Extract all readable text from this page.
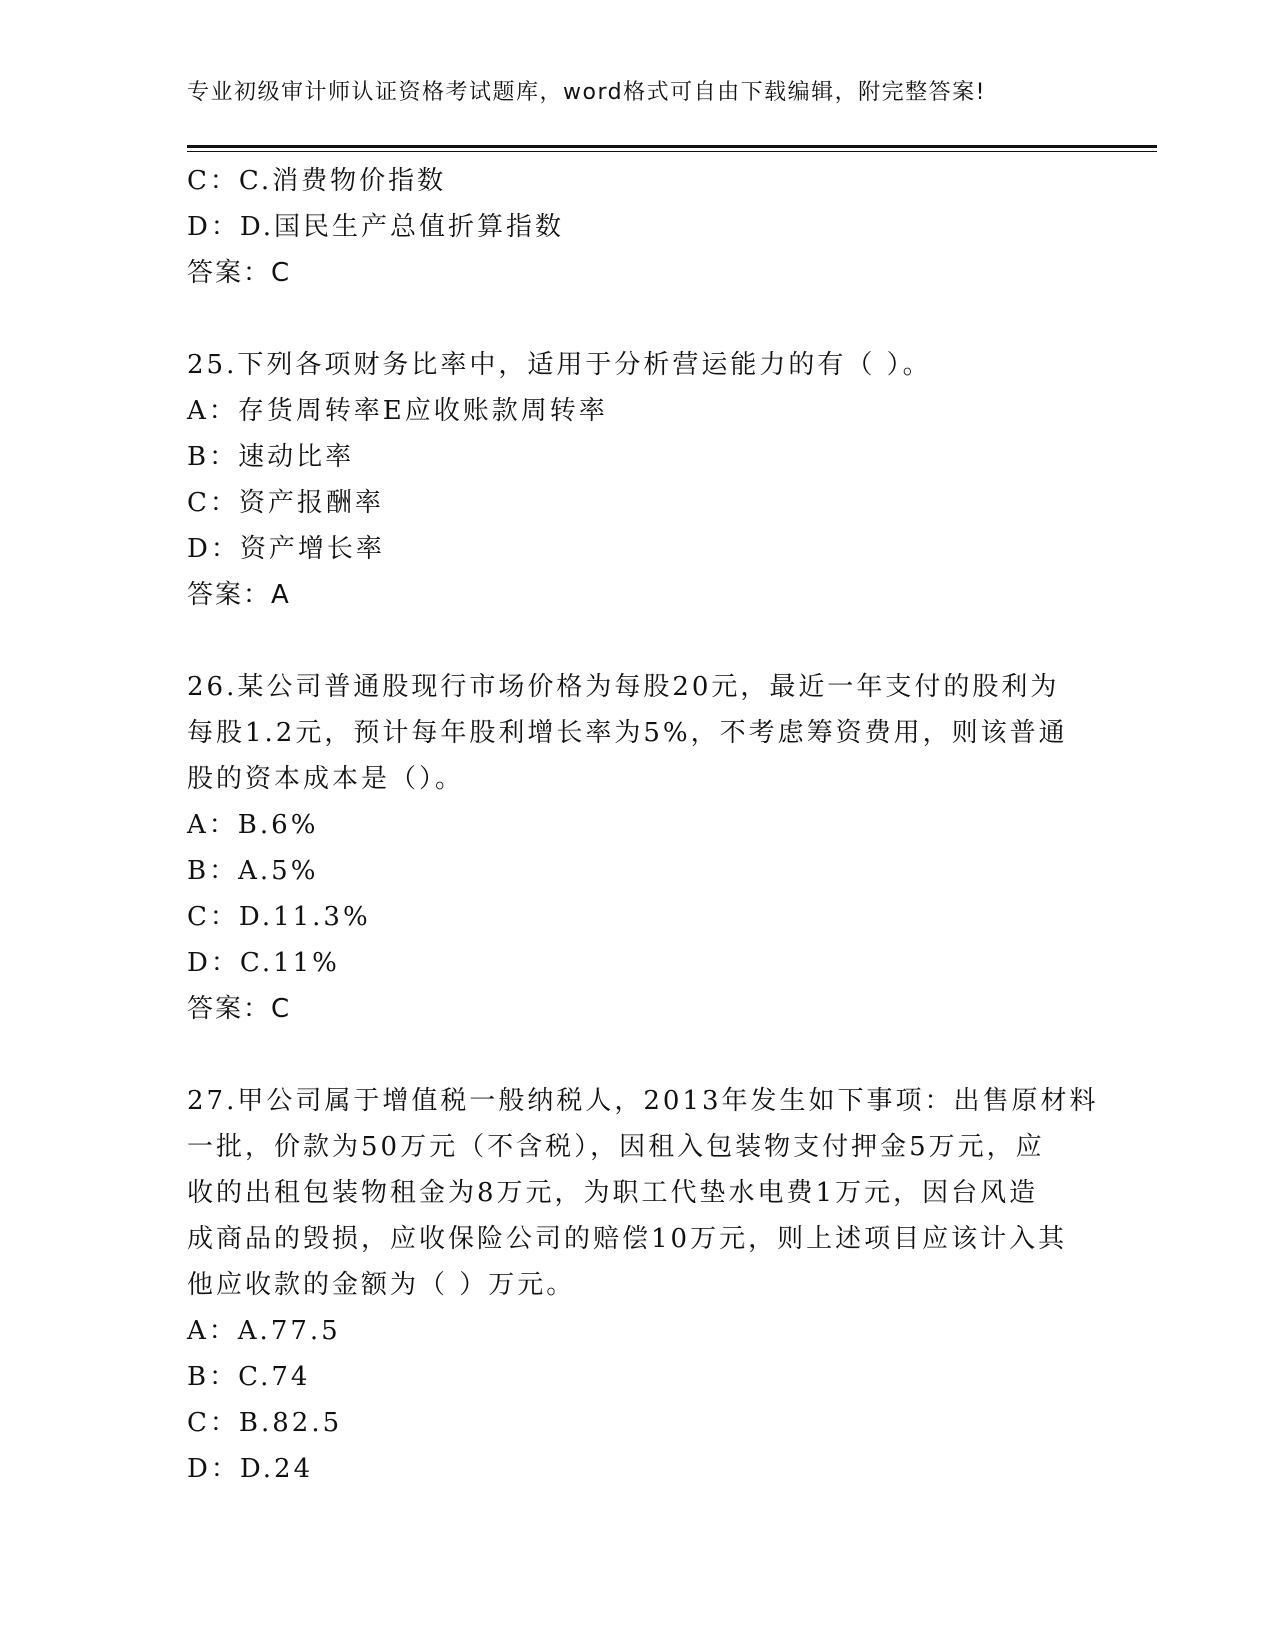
专业初级审计师认证资格考试题库，word格式可自由下载编辑，附完整答案!
C：C.消费物价指数
D：D.国民生产总值折算指数
答案：C
25.下列各项财务比率中，适用于分析营运能力的有（ ）。
A：存货周转率E应收账款周转率
B：速动比率
C：资产报酬率
D：资产增长率
答案：A
26.某公司普通股现行市场价格为每股20元，最近一年支付的股利为
每股1.2元，预计每年股利增长率为5%，不考虑筹资费用，则该普通
股的资本成本是（）。
A：B.6%
B：A.5%
C：D.11.3%
D：C.11%
答案：C
27.甲公司属于增值税一般纳税人，2013年发生如下事项：出售原材料
一批，价款为50万元（不含税），因租入包装物支付押金5万元，应
收的出租包装物租金为8万元，为职工代垫水电费1万元，因台风造
成商品的毁损，应收保险公司的赔偿10万元，则上述项目应该计入其
他应收款的金额为（ ）万元。
A：A.77.5
B：C.74
C：B.82.5
D：D.24
